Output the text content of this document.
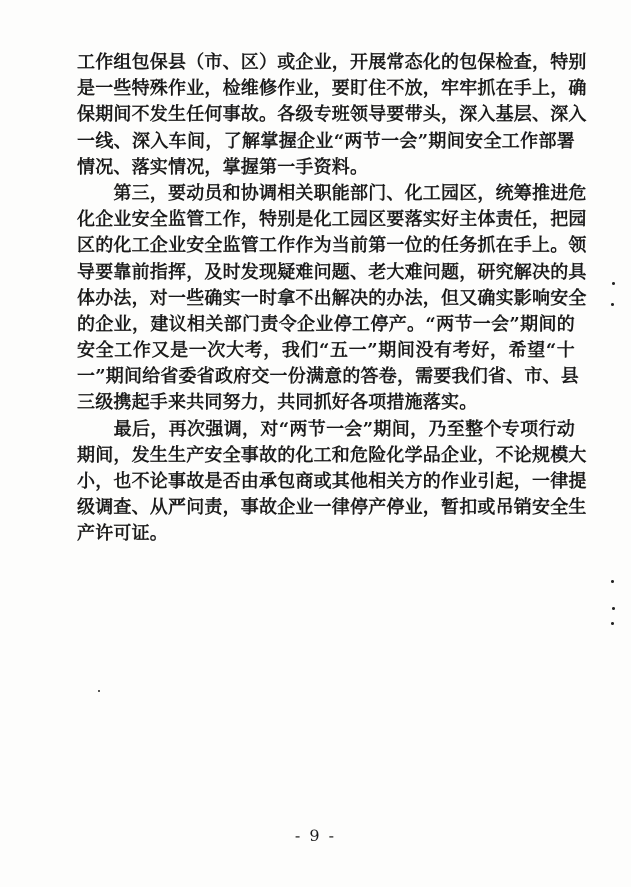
工作组包保县（市、区）或企业，开展常态化的包保检查，特别
是一些特殊作业，检维修作业，要盯住不放，牢牢抓在手上，确
保期间不发生任何事故。各级专班领导要带头，深入基层、深入
一线、深入车间，了解掌握企业“两节一会”期间安全工作部署
情况、落实情况，掌握第一手资料。
　　第三，要动员和协调相关职能部门、化工园区，统筹推进危
化企业安全监管工作，特别是化工园区要落实好主体责任，把园
区的化工企业安全监管工作作为当前第一位的任务抓在手上。领
导要靠前指挥，及时发现疑难问题、老大难问题，研究解决的具
体办法，对一些确实一时拿不出解决的办法，但又确实影响安全
的企业，建议相关部门责令企业停工停产。“两节一会”期间的
安全工作又是一次大考，我们“五一”期间没有考好，希望“十
一”期间给省委省政府交一份满意的答卷，需要我们省、市、县
三级携起手来共同努力，共同抓好各项措施落实。
　　最后，再次强调，对“两节一会”期间，乃至整个专项行动
期间，发生生产安全事故的化工和危险化学品企业，不论规模大
小，也不论事故是否由承包商或其他相关方的作业引起，一律提
级调查、从严问责，事故企业一律停产停业，暂扣或吊销安全生
产许可证。
- 9 -
